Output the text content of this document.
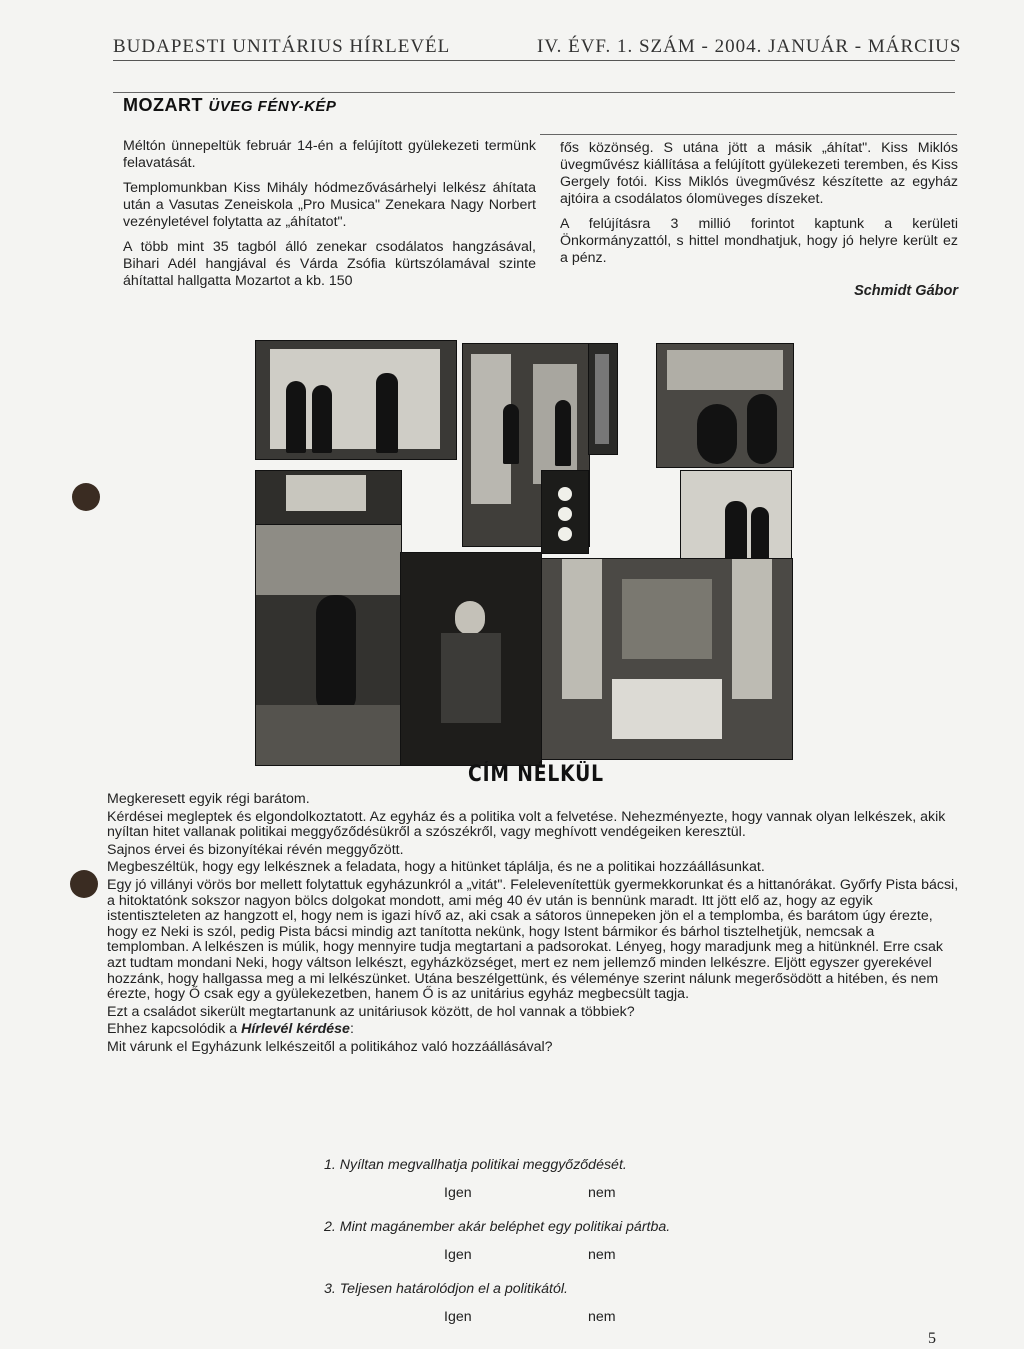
BUDAPESTI UNITÁRIUS HÍRLEVÉL	IV. ÉVF. 1. SZÁM - 2004. JANUÁR - MÁRCIUS
MOZART ÜVEG FÉNY-KÉP

Méltón ünnepeltük február 14-én a felújított gyülekezeti termünk felavatását.

Templomunkban Kiss Mihály hódmezővásárhelyi lelkész áhítata után a Vasutas Zeneiskola „Pro Musica" Zenekara Nagy Norbert vezényletével folytatta az „áhítatot".

A több mint 35 tagból álló zenekar csodálatos hangzásával, Bihari Adél hangjával és Várda Zsófia kürtszólamával szinte áhítattal hallgatta Mozartot a kb. 150

fős közönség. S utána jött a másik „áhítat". Kiss Miklós üvegművész kiállítása a felújított gyülekezeti teremben, és Kiss Gergely fotói. Kiss Miklós üvegművész készítette az egyház ajtóira a csodálatos ólomüveges díszeket.

A felújításra 3 millió forintot kaptunk a kerületi Önkormányzattól, s hittel mondhatjuk, hogy jó helyre került ez a pénz.

Schmidt Gábor
CÍM NÉLKÜL

Megkeresett egyik régi barátom.

Kérdései megleptek és elgondolkoztatott. Az egyház és a politika volt a felvetése. Nehezményezte, hogy vannak olyan lelkészek, akik nyíltan hitet vallanak politikai meggyőződésükről a szószékről, vagy meghívott vendégeiken keresztül.

Sajnos érvei és bizonyítékai révén meggyőzött.

Megbeszéltük, hogy egy lelkésznek a feladata, hogy a hitünket táplálja, és ne a politikai hozzáállásunkat.

Egy jó villányi vörös bor mellett folytattuk egyházunkról a „vitát". Felelevenítettük gyermekkorunkat és a hittanórákat. Győrfy Pista bácsi, a hitoktatónk sokszor nagyon bölcs dolgokat mondott, ami még 40 év után is bennünk maradt. Itt jött elő az, hogy az egyik istentiszteleten az hangzott el, hogy nem is igazi hívő az, aki csak a sátoros ünnepeken jön el a templomba, és barátom úgy érezte, hogy ez Neki is szól, pedig Pista bácsi mindig azt tanította nekünk, hogy Istent bármikor és bárhol tisztelhetjük, nemcsak a templomban. A lelkészen is múlik, hogy mennyire tudja megtartani a padsorokat. Lényeg, hogy maradjunk meg a hitünknél. Erre csak azt tudtam mondani Neki, hogy váltson lelkészt, egyházközséget, mert ez nem jellemző minden lelkészre. Eljött egyszer gyerekével hozzánk, hogy hallgassa meg a mi lelkészünket. Utána beszélgettünk, és véleménye szerint nálunk megerősödött a hitében, és nem érezte, hogy Ő csak egy a gyülekezetben, hanem Ő is az unitárius egyház megbecsült tagja.

Ezt a családot sikerült megtartanunk az unitáriusok között, de hol vannak a többiek?

Ehhez kapcsolódik a Hírlevél kérdése:

Mit várunk el Egyházunk lelkészeitől a politikához való hozzáállásával?

1. Nyíltan megvallhatja politikai meggyőződését.
Igen	nem
2. Mint magánember akár beléphet egy politikai pártba.
Igen	nem
3. Teljesen határolódjon el a politikától.
Igen	nem
5
